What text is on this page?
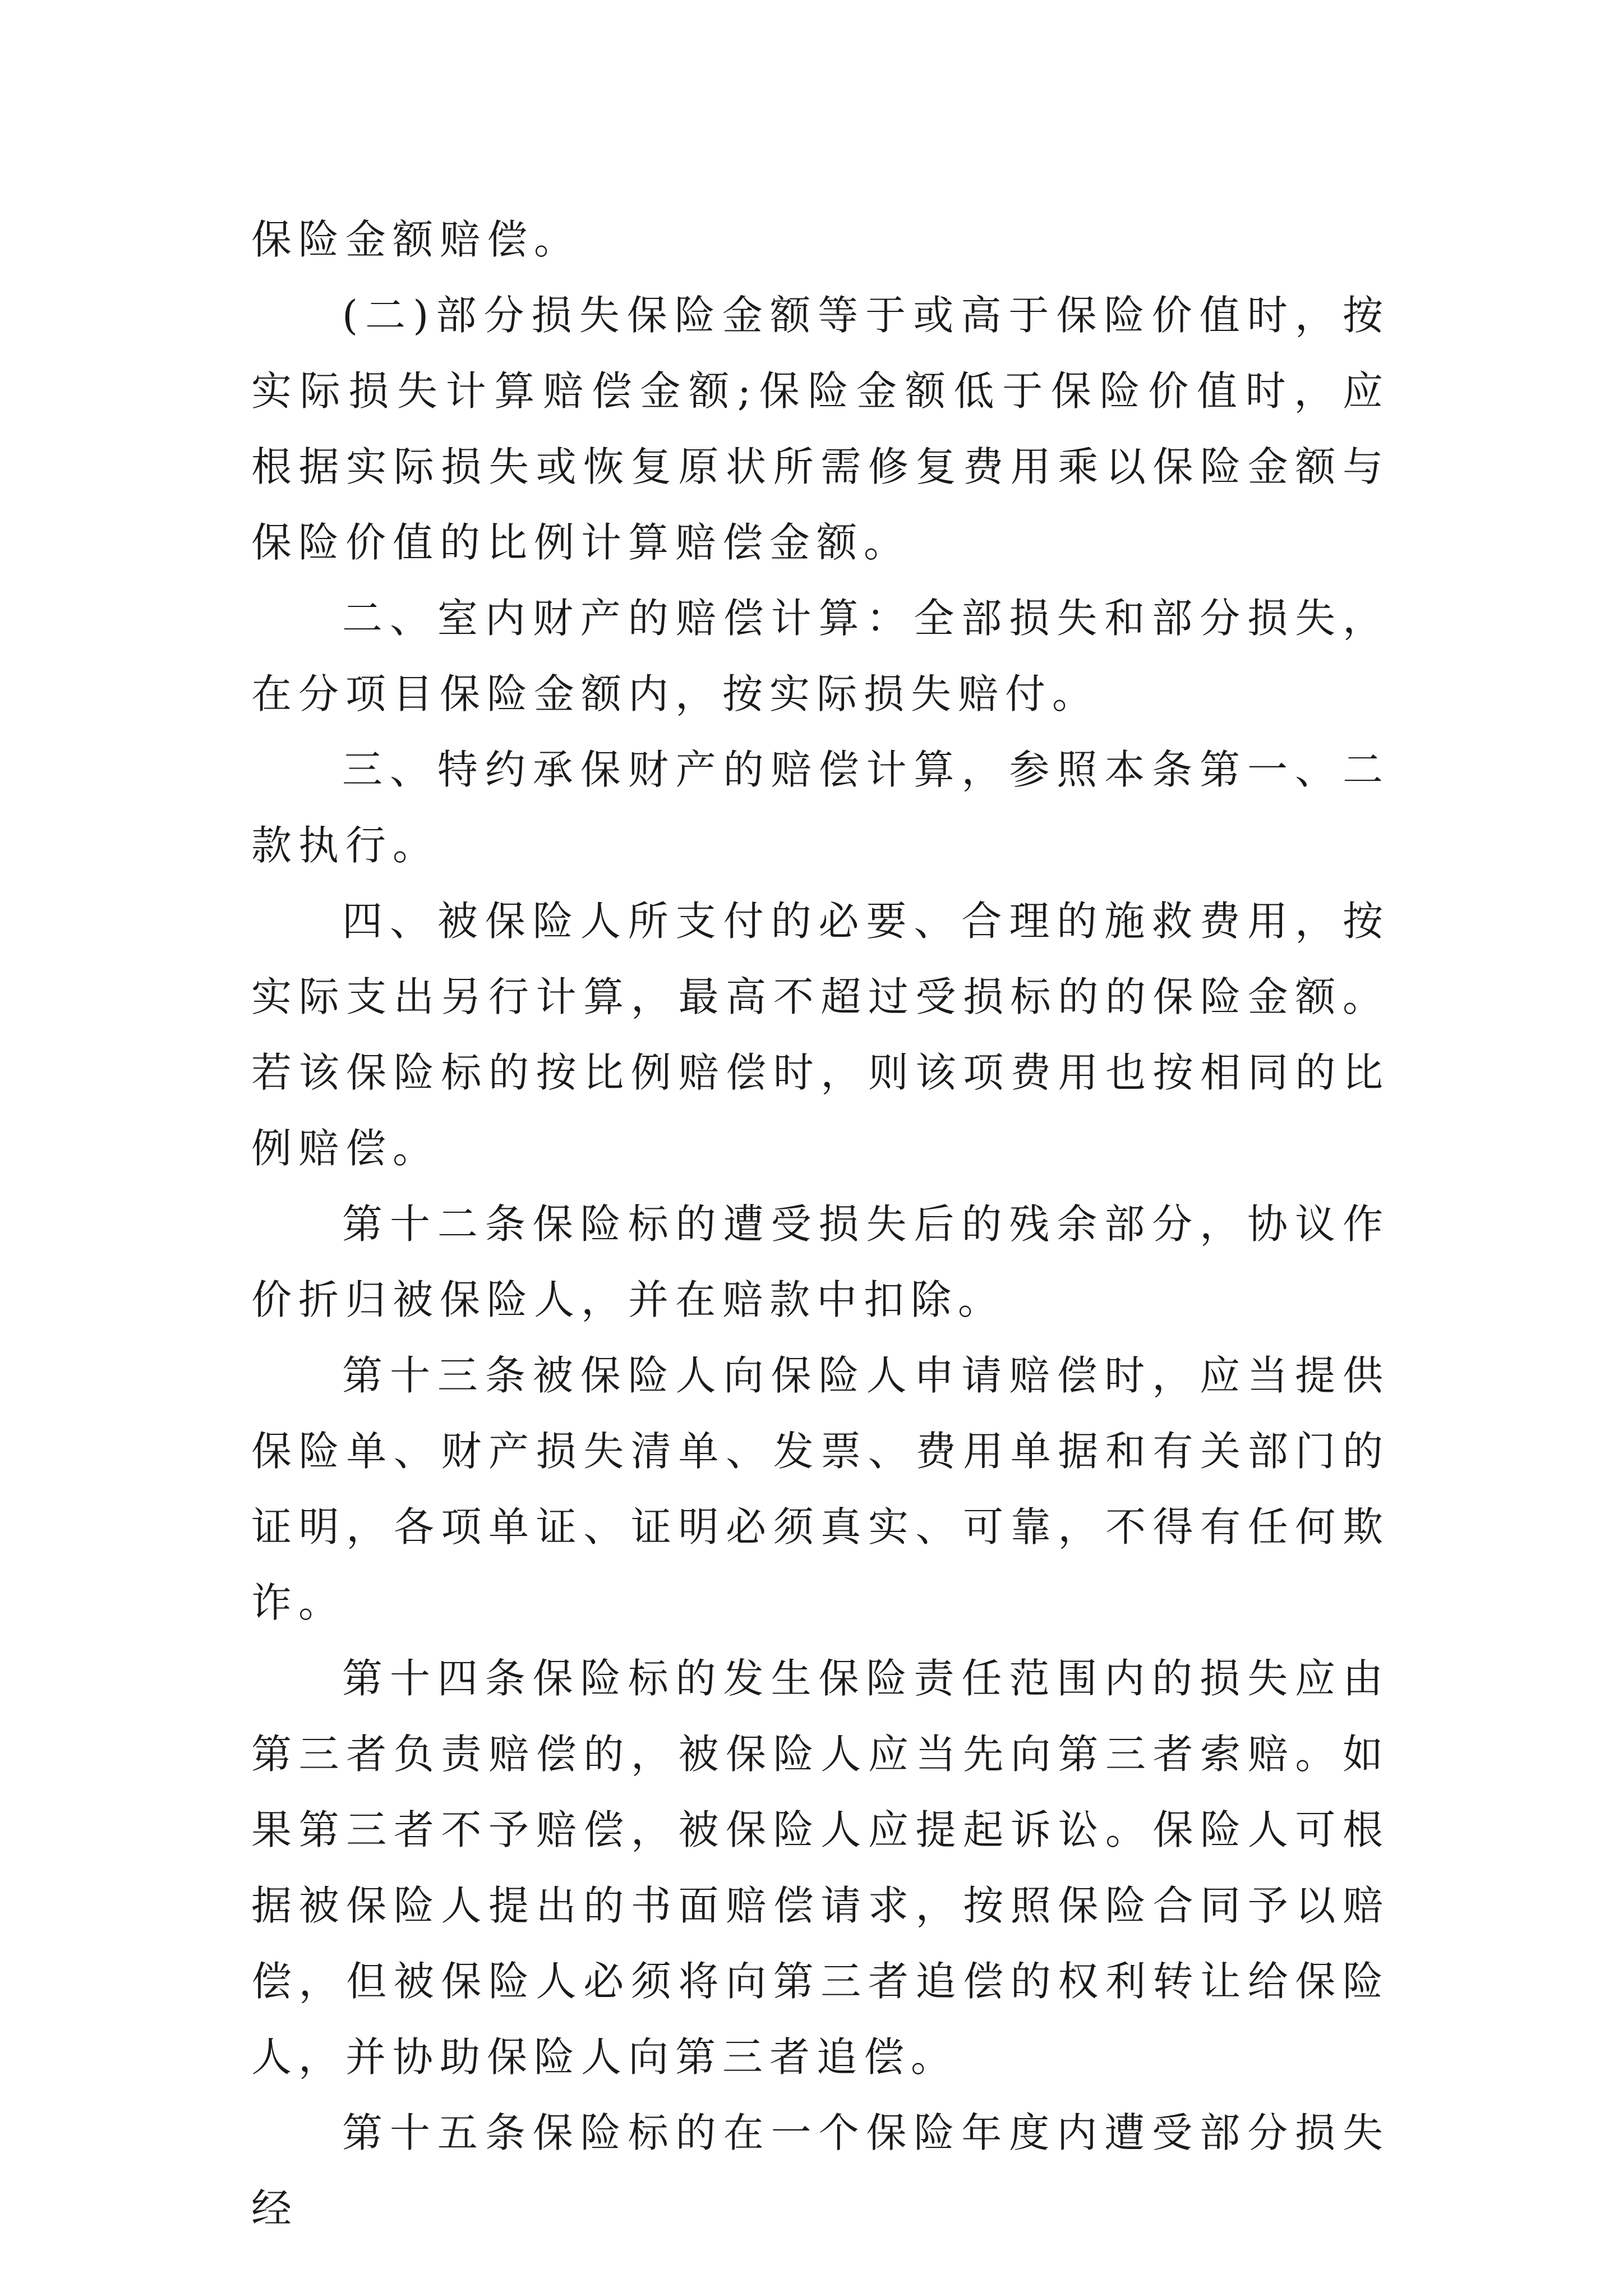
保险金额赔偿。

(二)部分损失保险金额等于或高于保险价值时，按实际损失计算赔偿金额;保险金额低于保险价值时，应根据实际损失或恢复原状所需修复费用乘以保险金额与保险价值的比例计算赔偿金额。

二、室内财产的赔偿计算：全部损失和部分损失，在分项目保险金额内，按实际损失赔付。

三、特约承保财产的赔偿计算，参照本条第一、二款执行。

四、被保险人所支付的必要、合理的施救费用，按实际支出另行计算，最高不超过受损标的的保险金额。若该保险标的按比例赔偿时，则该项费用也按相同的比例赔偿。

第十二条保险标的遭受损失后的残余部分，协议作价折归被保险人，并在赔款中扣除。

第十三条被保险人向保险人申请赔偿时，应当提供保险单、财产损失清单、发票、费用单据和有关部门的证明，各项单证、证明必须真实、可靠，不得有任何欺诈。

第十四条保险标的发生保险责任范围内的损失应由第三者负责赔偿的，被保险人应当先向第三者索赔。如果第三者不予赔偿，被保险人应提起诉讼。保险人可根据被保险人提出的书面赔偿请求，按照保险合同予以赔偿，但被保险人必须将向第三者追偿的权利转让给保险人，并协助保险人向第三者追偿。

第十五条保险标的在一个保险年度内遭受部分损失经
